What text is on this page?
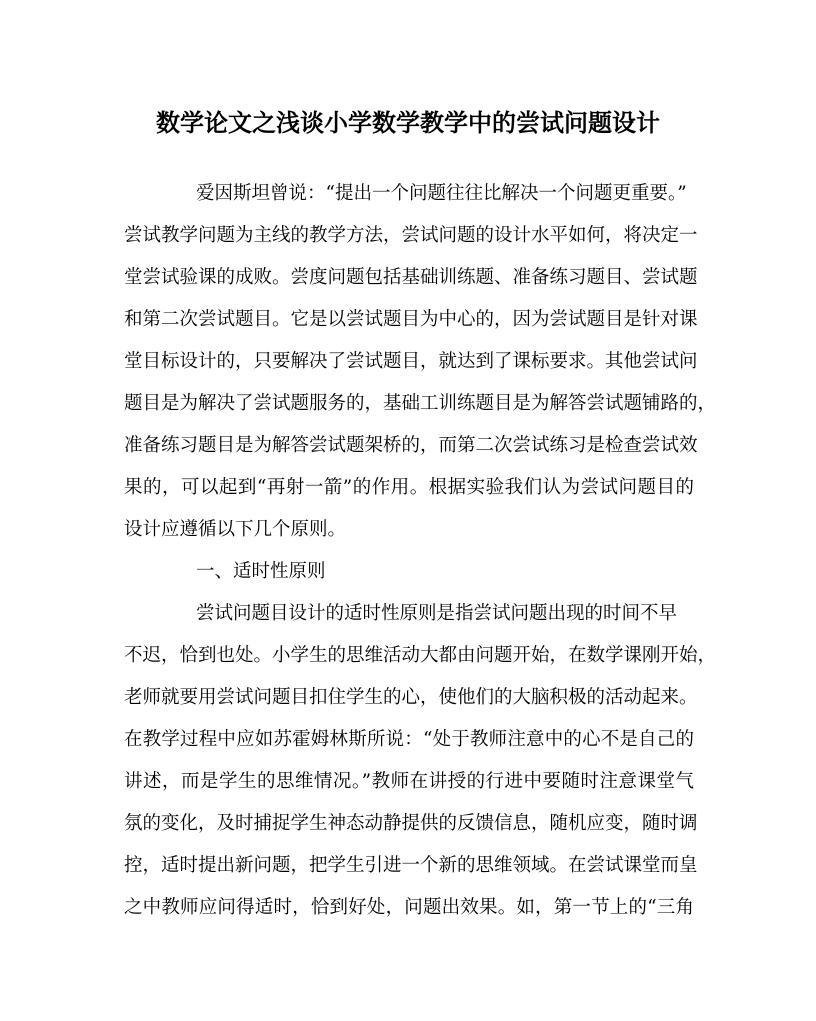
数学论文之浅谈小学数学教学中的尝试问题设计
爱因斯坦曾说：“提出一个问题往往比解决一个问题更重要。”
尝试教学问题为主线的教学方法，尝试问题的设计水平如何，将决定一
堂尝试验课的成败。尝度问题包括基础训练题、准备练习题目、尝试题
和第二次尝试题目。它是以尝试题目为中心的，因为尝试题目是针对课
堂目标设计的，只要解决了尝试题目，就达到了课标要求。其他尝试问
题目是为解决了尝试题服务的，基础工训练题目是为解答尝试题铺路的，
准备练习题目是为解答尝试题架桥的，而第二次尝试练习是检查尝试效
果的，可以起到“再射一箭”的作用。根据实验我们认为尝试问题目的
设计应遵循以下几个原则。
一、适时性原则
尝试问题目设计的适时性原则是指尝试问题出现的时间不早
不迟，恰到也处。小学生的思维活动大都由问题开始，在数学课刚开始，
老师就要用尝试问题目扣住学生的心，使他们的大脑积极的活动起来。
在教学过程中应如苏霍姆林斯所说：“处于教师注意中的心不是自己的
讲述，而是学生的思维情况。”教师在讲授的行进中要随时注意课堂气
氛的变化，及时捕捉学生神态动静提供的反馈信息，随机应变，随时调
控，适时提出新问题，把学生引进一个新的思维领域。在尝试课堂而皇
之中教师应问得适时，恰到好处，问题出效果。如，第一节上的“三角
